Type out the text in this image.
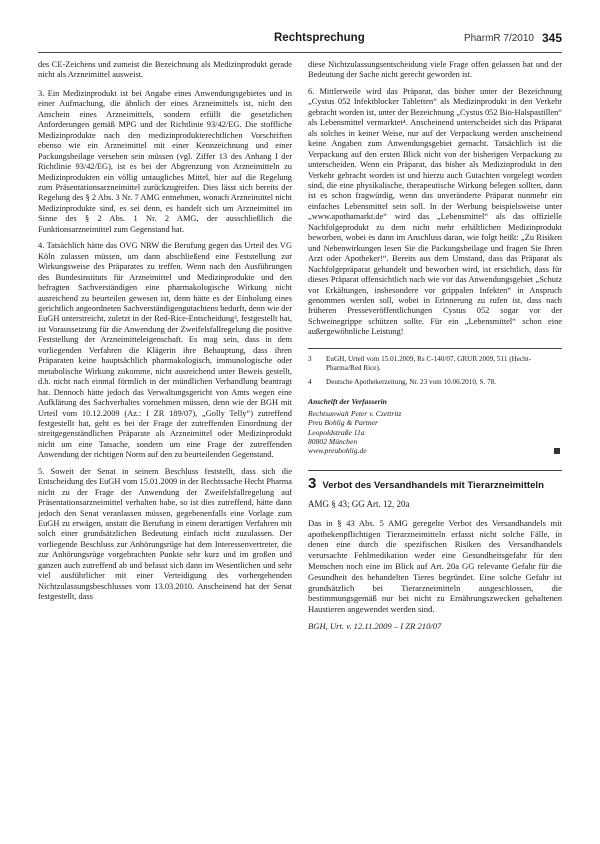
Rechtsprechung	PharmR 7/2010 345

des CE-Zeichens und zumeist die Bezeichnung als Medizinprodukt gerade nicht als Arzneimittel ausweist.

3. Ein Medizinprodukt ist bei Angabe eines Anwendungsgebietes und in einer Aufmachung, die ähnlich der eines Arzneimittels ist, nicht den Anschein eines Arzneimittels, sondern erfüllt die gesetzlichen Anforderungen gemäß MPG und der Richtlinie 93/42/EG. Die stoffliche Medizinprodukte nach den medizinprodukterechtlichen Vorschriften ebenso wie ein Arzneimittel mit einer Kennzeichnung und einer Packungsbeilage versehen sein müssen (vgl. Ziffer 13 des Anhang I der Richtlinie 93/42/EG), ist es bei der Abgrenzung von Arzneimitteln zu Medizinprodukten ein völlig untaugliches Mittel, hier auf die Regelung zum Präsentationsarzneimittel zurückzugreifen. Dies lässt sich bereits der Regelung des § 2 Abs. 3 Nr. 7 AMG entnehmen, wonach Arzneimittel nicht Medizinprodukte sind, es sei denn, es handelt sich um Arzneimittel im Sinne des § 2 Abs. 1 Nr. 2 AMG, der ausschließlich die Funktionsarzneimittel zum Gegenstand hat.

4. Tatsächlich hätte das OVG NRW die Berufung gegen das Urteil des VG Köln zulassen müssen, um dann abschließend eine Feststellung zur Wirkungsweise des Präparates zu treffen. Wenn nach den Ausführungen des Bundesinstituts für Arzneimittel und Medizinprodukte und den befragten Sachverständigen eine pharmakologische Wirkung nicht ausreichend zu beurteilen gewesen ist, denn hätte es der Einholung eines gerichtlich angeordneten Sachverständigengutachtens bedurft, denn wie der EuGH unterstreicht, zuletzt in der Red-Rice-Entscheidung³, festgestellt hat, ist Voraussetzung für die Anwendung der Zweifelsfallregelung die positive Feststellung der Arzneimitteleigenschaft. Es mag sein, dass in dem vorliegenden Verfahren die Klägerin ihre Behauptung, dass ihren Präparaten keine hauptsächlich pharmakologisch, immunologische oder metabolische Wirkung zukomme, nicht ausreichend unter Beweis gestellt, d.h. nicht nach einmal förmlich in der mündlichen Verhandlung beantragt hat. Dennoch hätte jedoch das Verwaltungsgericht von Amts wegen eine Aufklärung des Sachverhaltes vornehmen müssen, denn wie der BGH mit Urteil vom 10.12.2009 (Az.: I ZR 189/07), „Golly Telly“) zutreffend festgestellt hat, geht es bei der Frage der zutreffenden Einordnung der streitgegenständlichen Präparate als Arzneimittel oder Medizinprodukt nicht um eine Tatsache, sondern um eine Frage der zutreffenden Anwendung der richtigen Norm auf den zu beurteilenden Gegenstand.

5. Soweit der Senat in seinem Beschluss feststellt, dass sich die Entscheidung des EuGH vom 15.01.2009 in der Rechtssache Hecht Pharma nicht zu der Frage der Anwendung der Zweifelsfallregelung auf Präsentationsarzneimittel verhalten habe, so ist dies zutreffend, hätte dann jedoch den Senat veranlassen müssen, gegebenenfalls eine Vorlage zum EuGH zu erwägen, anstatt die Berufung in einem derartigen Verfahren mit solch einer grundsätzlichen Bedeutung einfach nicht zuzulassen. Der vorliegende Beschluss zur Anhörungsrüge hat dem Interessenvertreter, die zur Anhörungsrüge vorgebrachten Punkte sehr kurz und im großen und ganzen auch zutreffend ab und befasst sich dann im Wesentlichen und sehr viel ausführlicher mit einer Verteidigung des vorhergehenden Nichtzulassungsbeschlusses vom 13.03.2010. Anscheinend hat der Senat festgestellt, dass

diese Nichtzulassungsentscheidung viele Frage offen gelassen hat und der Bedeutung der Sache nicht gerecht geworden ist.

6. Mittlerweile wird das Präparat, das bisher unter der Bezeichnung „Cystus 052 Infektblocker Tabletten“ als Medizinprodukt in den Verkehr gebracht worden ist, unter der Bezeichnung „Cystus 052 Bio-Halspastillen“ als Lebensmittel vermarktet⁴. Anscheinend unterscheidet sich das Präparat als solches in keiner Weise, nur auf der Verpackung werden anscheinend keine Angaben zum Anwendungsgebiet gemacht. Tatsächlich ist die Verpackung auf den ersten Blick nicht von der bisherigen Verpackung zu unterscheiden. Wenn ein Präparat, das bisher als Medizinprodukt in den Verkehr gebracht worden ist und hierzu auch Gutachten vorgelegt worden sind, die eine physikalische, therapeutische Wirkung belegen sollten, dann ist es schon fragwürdig, wenn das unveränderte Präparat nunmehr ein einfaches Lebensmittel sein soll. In der Werbung beispielsweise unter „www.apothamarkt.de“ wird das „Lebensmittel“ als das offizielle Nachfolgeprodukt zu dem nicht mehr erhältlichen Medizinprodukt beworben, wobei es dann im Anschluss daran, wie folgt heißt: „Zu Risiken und Nebenwirkungen lesen Sie die Packungsbeilage und fragen Sie Ihren Arzt oder Apotheker!“. Bereits aus dem Umstand, dass das Präparat als Nachfolgepräparat gehandelt und beworben wird, ist ersichtlich, dass für dieses Präparat offensichtlich nach wie vor das Anwendungsgebiet „Schutz vor Erkältungen, insbesondere vor grippalen Infekten“ in Anspruch genommen werden soll, wobei in Erinnerung zu rufen ist, dass nach früheren Presseveröffentlichungen Cystus 052 sogar vor der Schweinegrippe schützen sollte. Für ein „Lebensmittel“ schon eine außergewöhnliche Leistung!

3	EuGH, Urteil vom 15.01.2009, Rs C-140/07, GRUR 2009, 511 (Hecht-Pharma/Red Rice).
4	Deutsche Apothekerzeitung, Nr. 23 vom 10.06.2010, S. 78.
Anschrift der Verfasserin
Rechtsanwalt Peter v. Czettritz
Preu Bohlig & Partner
Leopoldstraße 11a
80802 München
www.preubohlig.de
3 Verbot des Versandhandels mit Tierarzneimitteln
AMG § 43; GG Art. 12, 20a

Das in § 43 Abs. 5 AMG geregelte Verbot des Versandhandels mit apothekenpflichtigen Tierarzneimitteln erfasst nicht solche Fälle, in denen eine durch die spezifischen Risiken des Versandhandels verursachte Fehlmedikation weder eine Gesundheitsgefahr für den Menschen noch eine im Blick auf Art. 20a GG relevante Gefahr für die Gesundheit des behandelten Tieres begründet. Eine solche Gefahr ist grundsätzlich bei Tierarzneimitteln ausgeschlossen, die bestimmungsgemäß nur bei nicht zu Ernährungszwecken gehaltenen Haustieren angewendet werden sind.

BGH, Urt. v. 12.11.2009 – I ZR 210/07
